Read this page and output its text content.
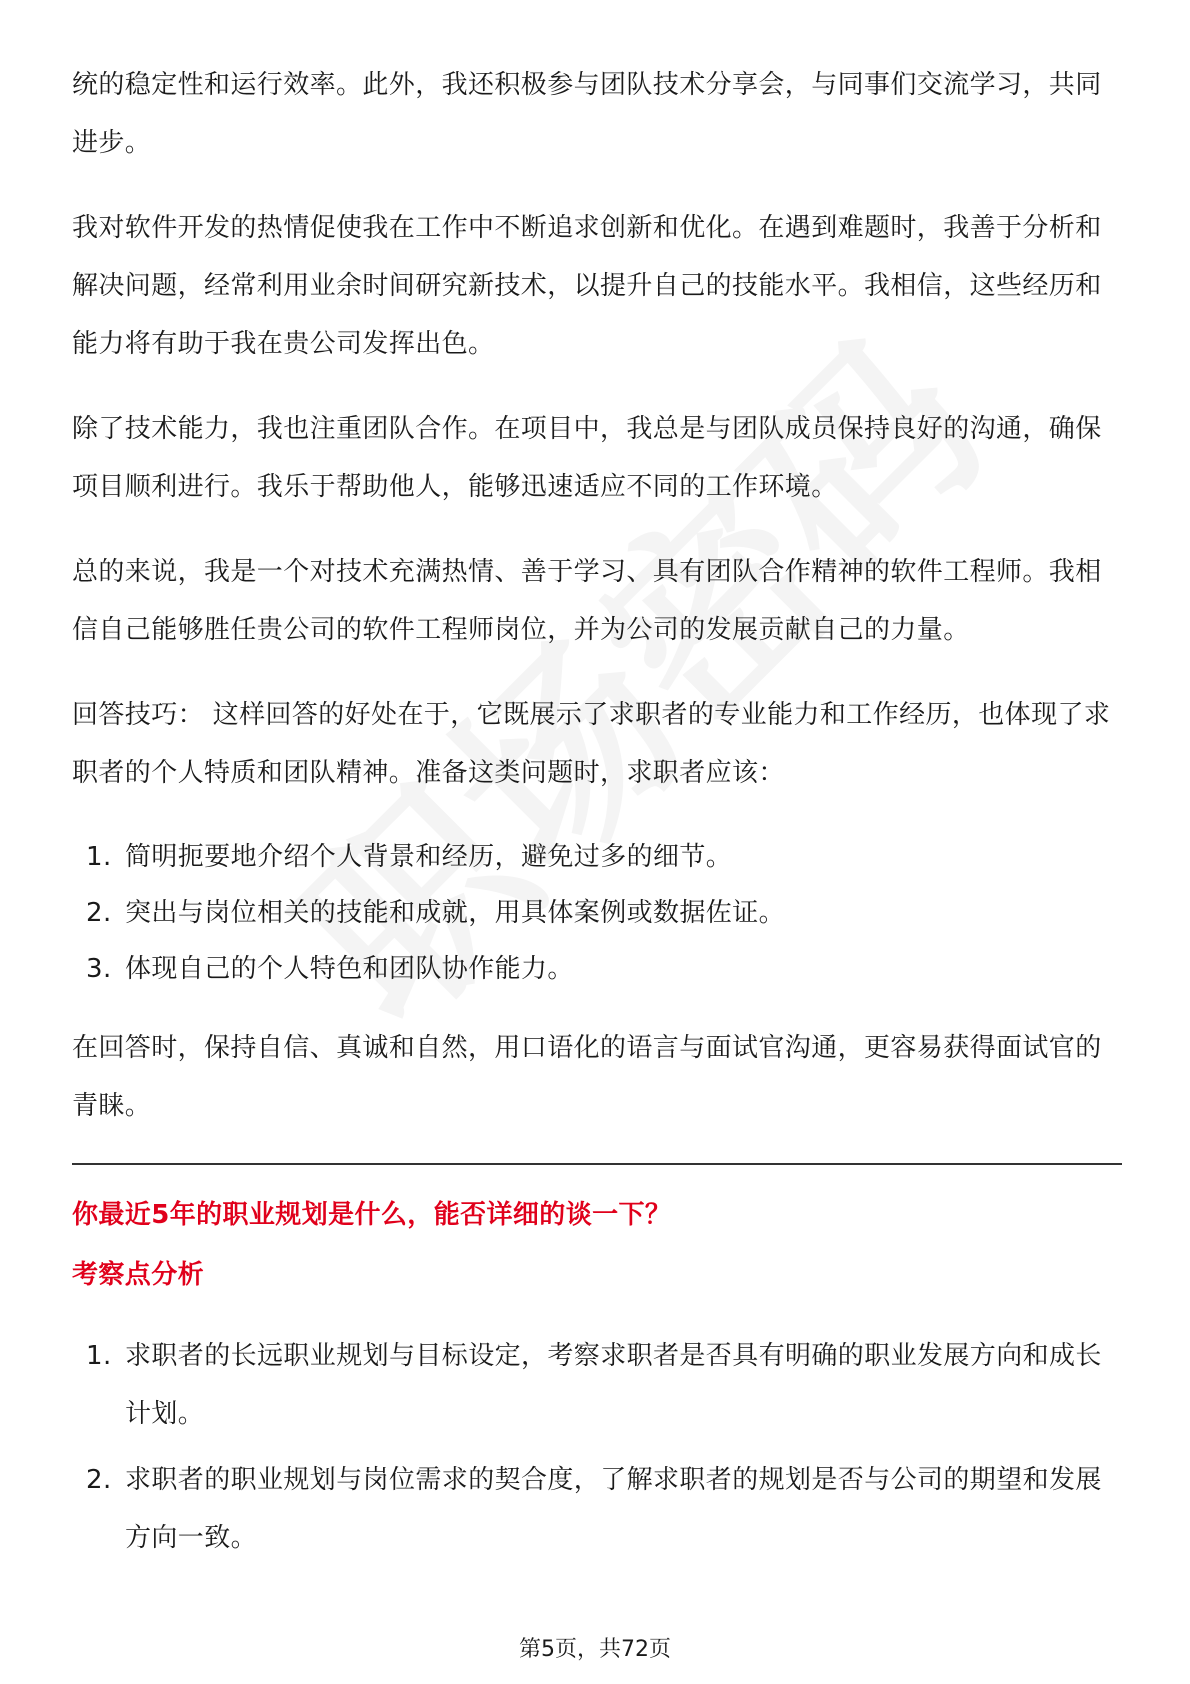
统的稳定性和运行效率。此外，我还积极参与团队技术分享会，与同事们交流学习，共同进步。

我对软件开发的热情促使我在工作中不断追求创新和优化。在遇到难题时，我善于分析和解决问题，经常利用业余时间研究新技术，以提升自己的技能水平。我相信，这些经历和能力将有助于我在贵公司发挥出色。

除了技术能力，我也注重团队合作。在项目中，我总是与团队成员保持良好的沟通，确保项目顺利进行。我乐于帮助他人，能够迅速适应不同的工作环境。

总的来说，我是一个对技术充满热情、善于学习、具有团队合作精神的软件工程师。我相信自己能够胜任贵公司的软件工程师岗位，并为公司的发展贡献自己的力量。

回答技巧： 这样回答的好处在于，它既展示了求职者的专业能力和工作经历，也体现了求职者的个人特质和团队精神。准备这类问题时，求职者应该：

1. 简明扼要地介绍个人背景和经历，避免过多的细节。
2. 突出与岗位相关的技能和成就，用具体案例或数据佐证。
3. 体现自己的个人特色和团队协作能力。

在回答时，保持自信、真诚和自然，用口语化的语言与面试官沟通，更容易获得面试官的青睐。

你最近5年的职业规划是什么，能否详细的谈一下？
考察点分析
1. 求职者的长远职业规划与目标设定，考察求职者是否具有明确的职业发展方向和成长计划。
2. 求职者的职业规划与岗位需求的契合度，了解求职者的规划是否与公司的期望和发展方向一致。
第5页，共72页
